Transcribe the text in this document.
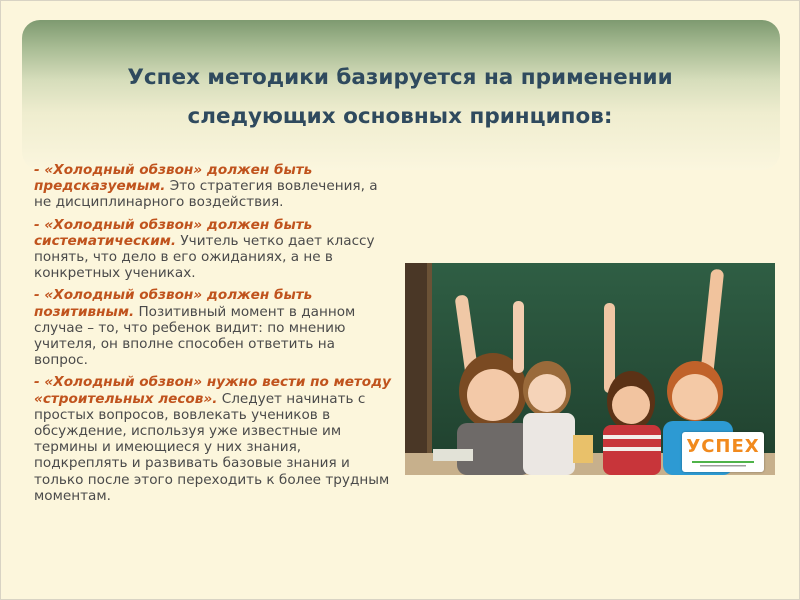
Успех методики базируется на применении
следующих основных принципов:

- «Холодный обзвон» должен быть предсказуемым. Это стратегия вовлечения, а не дисциплинарного воздействия.

- «Холодный обзвон» должен быть систематическим. Учитель четко дает классу понять, что дело в его ожиданиях, а не в конкретных учениках.

- «Холодный обзвон» должен быть позитивным. Позитивный момент в данном случае – то, что ребенок видит: по мнению учителя, он вполне способен ответить на вопрос.

- «Холодный обзвон» нужно вести по методу «строительных лесов». Следует начинать с простых вопросов, вовлекать учеников в обсуждение, используя уже известные им термины и имеющиеся у них знания, подкреплять и развивать базовые знания и только после этого переходить к более трудным моментам.

УСПЕХ
